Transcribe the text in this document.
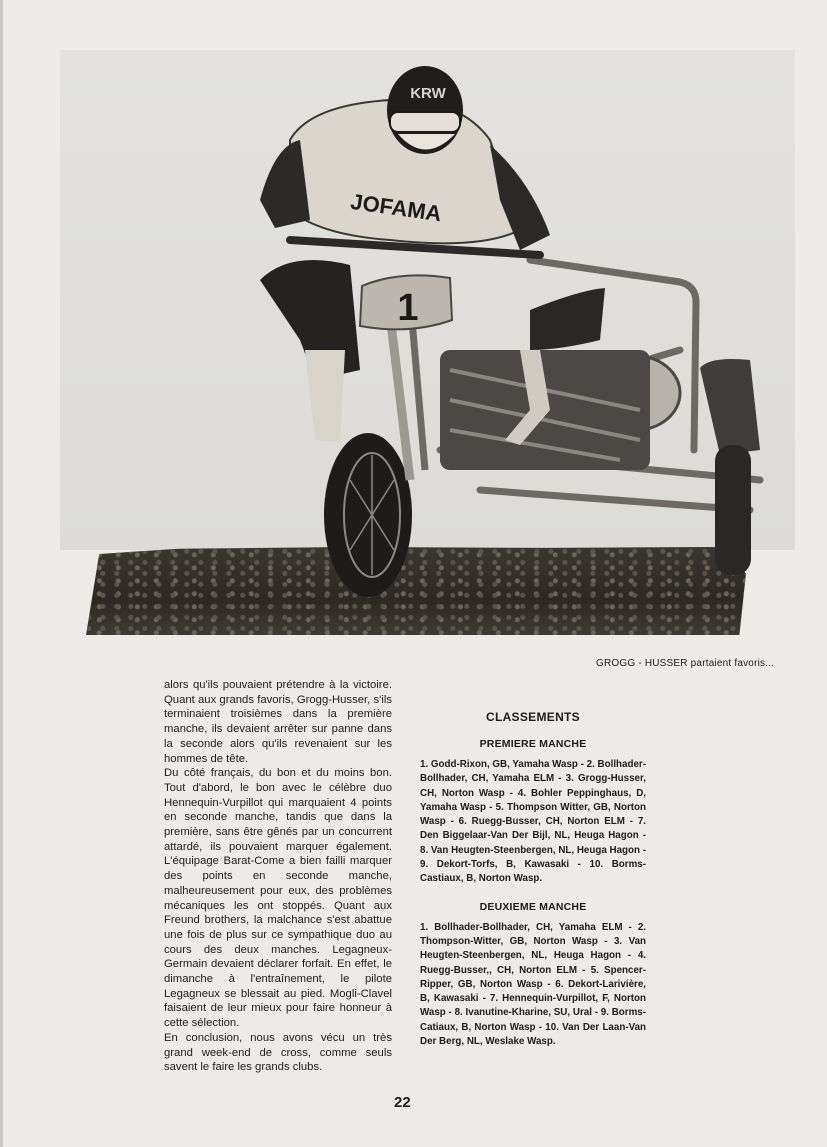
1
JOFAMA
KRW
GROGG - HUSSER partaient favoris...

alors qu'ils pouvaient prétendre à la victoire. Quant aux grands favoris, Grogg-Husser, s'ils terminaient troisièmes dans la première manche, ils devaient arrêter sur panne dans la seconde alors qu'ils revenaient sur les hommes de tête.

Du côté français, du bon et du moins bon. Tout d'abord, le bon avec le célèbre duo Hennequin-Vurpillot qui marquaient 4 points en seconde manche, tandis que dans la première, sans être gênés par un concurrent attardé, ils pouvaient marquer également. L'équipage Barat-Come a bien failli marquer des points en seconde manche, malheureusement pour eux, des problèmes mécaniques les ont stoppés. Quant aux Freund brothers, la malchance s'est abattue une fois de plus sur ce sympathique duo au cours des deux manches. Legagneux-Germain devaient déclarer forfait. En effet, le dimanche à l'entraînement, le pilote Legagneux se blessait au pied. Mogli-Clavel faisaient de leur mieux pour faire honneur à cette sélection.

En conclusion, nous avons vécu un très grand week-end de cross, comme seuls savent le faire les grands clubs.

CLASSEMENTS
PREMIERE MANCHE

1. Godd-Rixon, GB, Yamaha Wasp - 2. Bollhader-Bollhader, CH, Yamaha ELM - 3. Grogg-Husser, CH, Norton Wasp - 4. Bohler Peppinghaus, D, Yamaha Wasp - 5. Thompson Witter, GB, Norton Wasp - 6. Ruegg-Busser, CH, Norton ELM - 7. Den Biggelaar-Van Der Bijl, NL, Heuga Hagon - 8. Van Heugten-Steenbergen, NL, Heuga Hagon - 9. Dekort-Torfs, B, Kawasaki - 10. Borms-Castiaux, B, Norton Wasp.

DEUXIEME MANCHE

1. Bollhader-Bollhader, CH, Yamaha ELM - 2. Thompson-Witter, GB, Norton Wasp - 3. Van Heugten-Steenbergen, NL, Heuga Hagon - 4. Ruegg-Busser,, CH, Norton ELM - 5. Spencer-Ripper, GB, Norton Wasp - 6. Dekort-Larivière, B, Kawasaki - 7. Hennequin-Vurpillot, F, Norton Wasp - 8. Ivanutine-Kharine, SU, Ural - 9. Borms-Catiaux, B, Norton Wasp - 10. Van Der Laan-Van Der Berg, NL, Weslake Wasp.

22
